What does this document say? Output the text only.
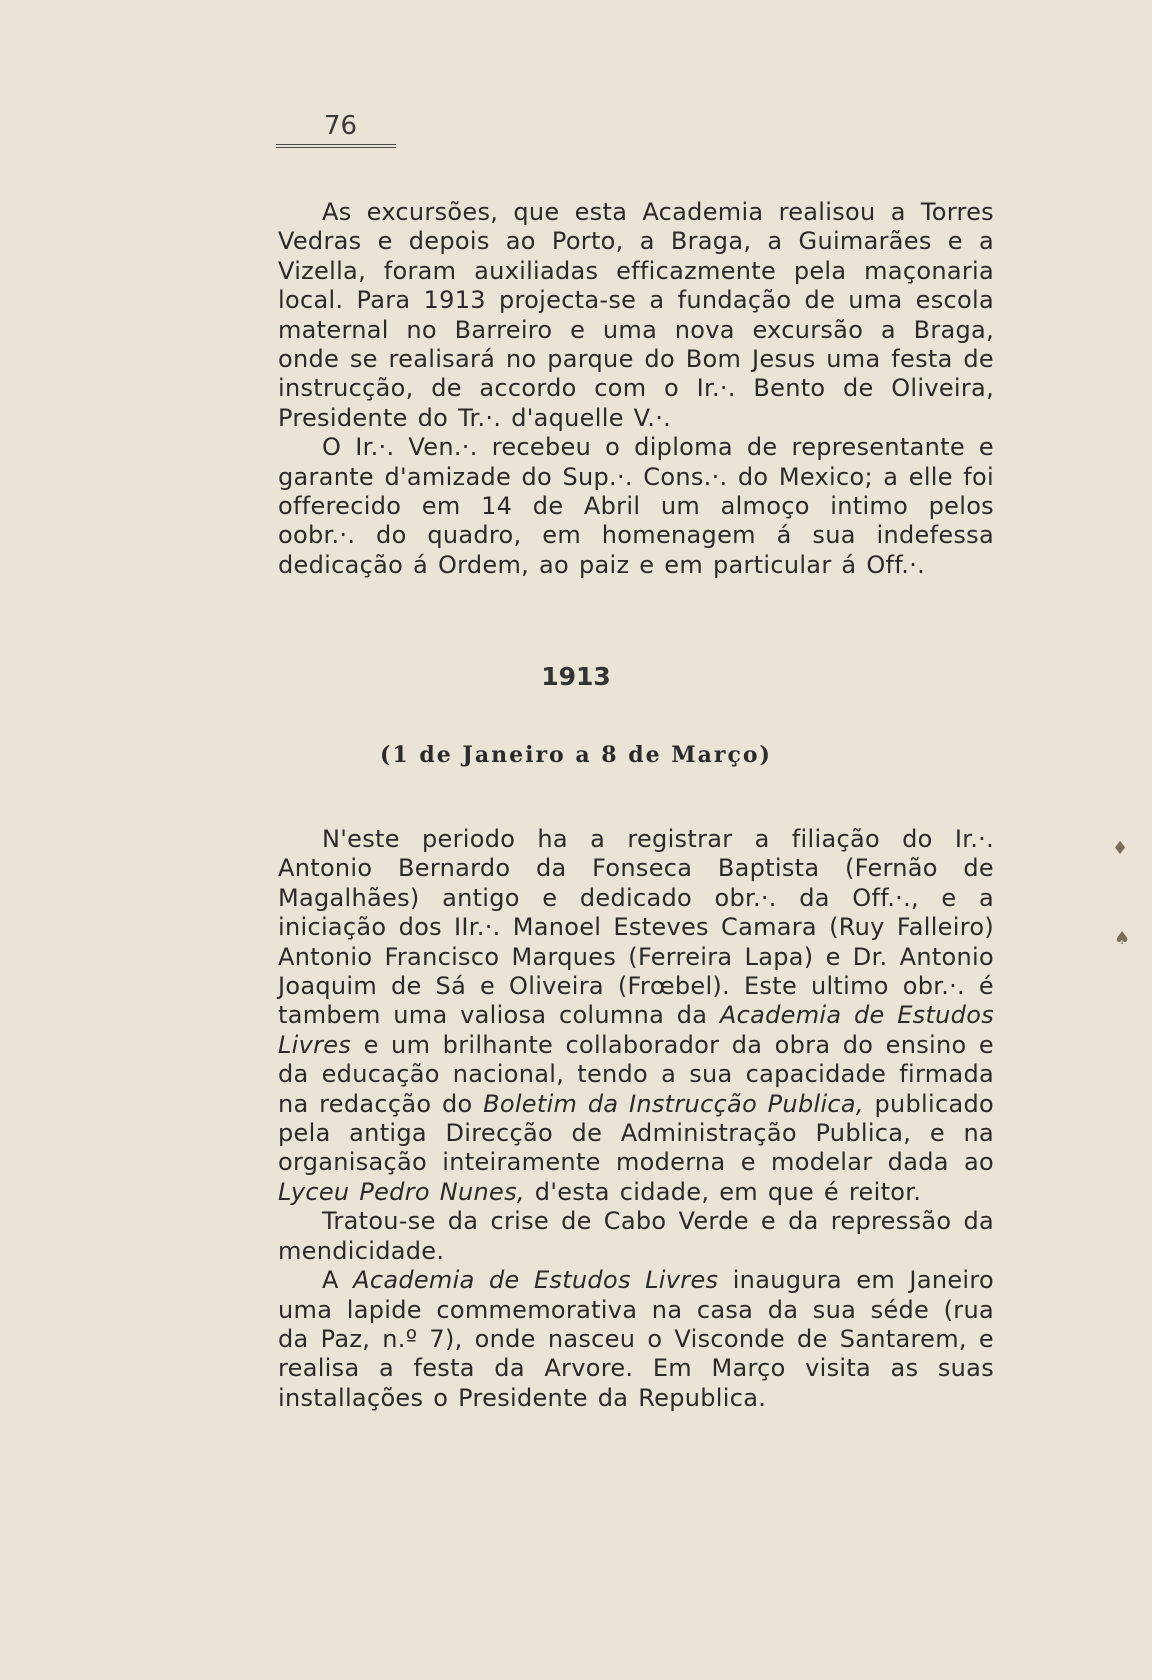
76

As excursões, que esta Academia realisou a Torres Vedras e depois ao Porto, a Braga, a Guimarães e a Vizella, foram auxiliadas efficazmente pela maçonaria local. Para 1913 projecta-se a fundação de uma escola maternal no Barreiro e uma nova excursão a Braga, onde se realisará no parque do Bom Jesus uma festa de instrucção, de accordo com o Ir.·. Bento de Oliveira, Presidente do Tr.·. d'aquelle V.·.

O Ir.·. Ven.·. recebeu o diploma de representante e garante d'amizade do Sup.·. Cons.·. do Mexico; a elle foi offerecido em 14 de Abril um almoço intimo pelos oobr.·. do quadro, em homenagem á sua indefessa dedicação á Ordem, ao paiz e em particular á Off.·.

1913
(1 de Janeiro a 8 de Março)

N'este periodo ha a registrar a filiação do Ir.·. Antonio Bernardo da Fonseca Baptista (Fernão de Magalhães) antigo e dedicado obr.·. da Off.·., e a iniciação dos IIr.·. Manoel Esteves Camara (Ruy Falleiro) Antonio Francisco Marques (Ferreira Lapa) e Dr. Antonio Joaquim de Sá e Oliveira (Frœbel). Este ultimo obr.·. é tambem uma valiosa columna da Academia de Estudos Livres e um brilhante collaborador da obra do ensino e da educação nacional, tendo a sua capacidade firmada na redacção do Boletim da Instrucção Publica, publicado pela antiga Direcção de Administração Publica, e na organisação inteiramente moderna e modelar dada ao Lyceu Pedro Nunes, d'esta cidade, em que é reitor.

Tratou-se da crise de Cabo Verde e da repressão da mendicidade.

A Academia de Estudos Livres inaugura em Janeiro uma lapide commemorativa na casa da sua séde (rua da Paz, n.º 7), onde nasceu o Visconde de Santarem, e realisa a festa da Arvore. Em Março visita as suas installações o Presidente da Republica.

♦
♠
